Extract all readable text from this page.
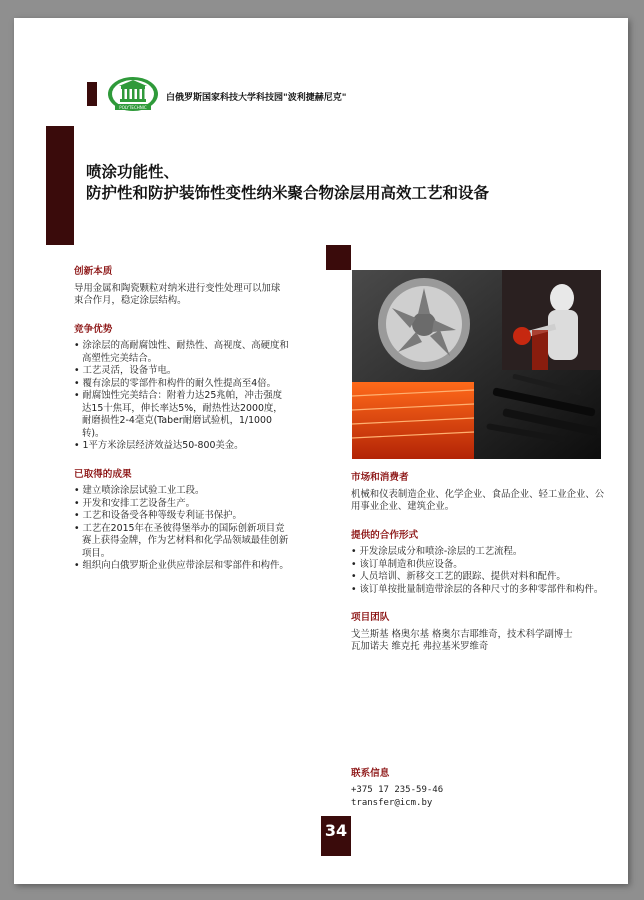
POLYTECHNIC
白俄罗斯国家科技大学科技园"波利捷赫尼克"
喷涂功能性、
防护性和防护装饰性变性纳米聚合物涂层用高效工艺和设备
创新本质

导用金属和陶瓷颗粒对纳米进行变性处理可以加球束合作月，稳定涂层结构。

竞争优势
• 涂涂层的高耐腐蚀性、耐热性、高视度、高硬度和高塑性完美结合。
• 工艺灵活，设备节电。
• 覆有涂层的零部件和构件的耐久性提高至4倍。
• 耐腐蚀性完美结合：附着力达25兆帕，冲击强度达15十焦耳，伸长率达5%，耐热性达2000度，耐磨损性2-4毫克(Taber耐磨试验机，1/1000转)。
• 1平方米涂层经济效益达50-800美金。
已取得的成果
• 建立喷涂涂层试验工业工段。
• 开发和安排工艺设备生产。
• 工艺和设备受各种等级专利证书保护。
• 工艺在2015年在圣彼得堡举办的国际创新项目竞赛上获得金牌，作为艺材料和化学品领域最佳创新项目。
• 组织向白俄罗斯企业供应带涂层和零部件和构件。
市场和消费者

机械和仪表制造企业、化学企业、食品企业、轻工业企业、公用事业企业、建筑企业。

提供的合作形式
• 开发涂层成分和喷涂-涂层的工艺流程。
• 该订单制造和供应设备。
• 人员培训、新移交工艺的跟踪、提供对料和配件。
• 该订单按批量制造带涂层的各种尺寸的多种零部件和构件。
项目团队
戈兰斯基 格奥尔基 格奥尔吉耶维奇，技术科学副博士
瓦加诺夫 维克托 弗拉基米罗维奇
联系信息
+375 17 235-59-46
transfer@icm.by
34
